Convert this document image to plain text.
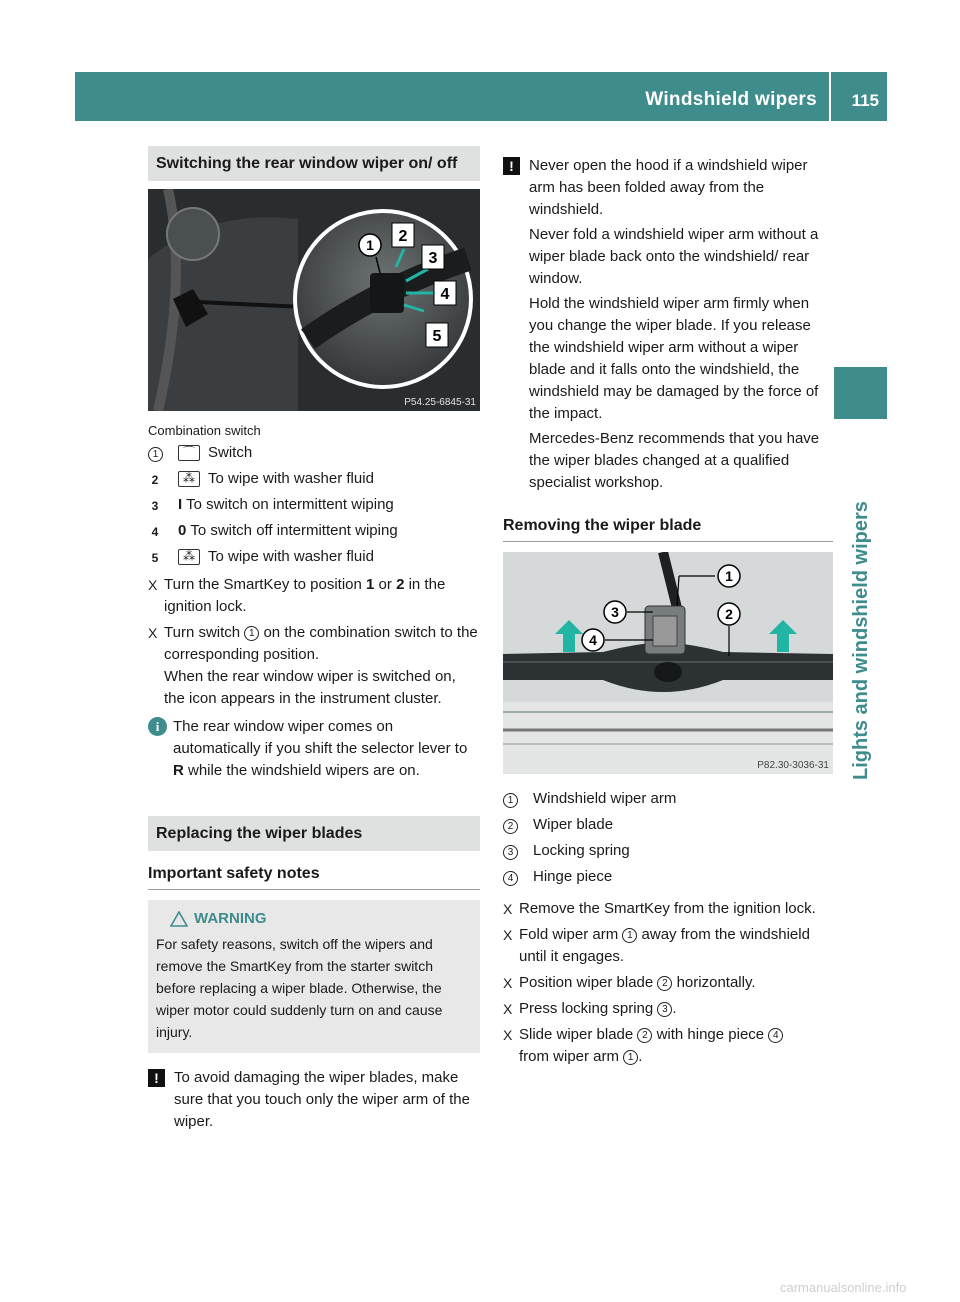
Windshield wipers 115
Lights and windshield wipers
Switching the rear window wiper on/ off
1 2
3
4
5
P54.25-6845-31
Combination switch
1	⌒ Switch
2	⁂ To wipe with washer fluid
3	I To switch on intermittent wiping
4	0 To switch off intermittent wiping
5	⁂ To wipe with washer fluid
X Turn the SmartKey to position 1 or 2 in the ignition lock.
X Turn switch 1 on the combination switch to the corresponding position.
When the rear window wiper is switched on, the icon appears in the instrument cluster.
i The rear window wiper comes on automatically if you shift the selector lever to R while the windshield wipers are on.
Replacing the wiper blades
Important safety notes
WARNING
For safety reasons, switch off the wipers and remove the SmartKey from the starter switch before replacing a wiper blade. Otherwise, the wiper motor could suddenly turn on and cause injury.
!	To avoid damaging the wiper blades, make sure that you touch only the wiper arm of the wiper.
!	Never open the hood if a windshield wiper arm has been folded away from the windshield.

Never fold a windshield wiper arm without a wiper blade back onto the windshield/ rear window.

Hold the windshield wiper arm firmly when you change the wiper blade. If you release the windshield wiper arm without a wiper blade and it falls onto the windshield, the windshield may be damaged by the force of the impact.

Mercedes-Benz recommends that you have the wiper blades changed at a qualified specialist workshop.

Removing the wiper blade
1
2
3
4
P82.30-3036-31
1	Windshield wiper arm
2	Wiper blade
3	Locking spring
4	Hinge piece
X Remove the SmartKey from the ignition lock.
X Fold wiper arm 1 away from the windshield until it engages.
X Position wiper blade 2 horizontally.
X Press locking spring 3 .
X Slide wiper blade 2 with hinge piece 4
from wiper arm 1 .
carmanualsonline.info
